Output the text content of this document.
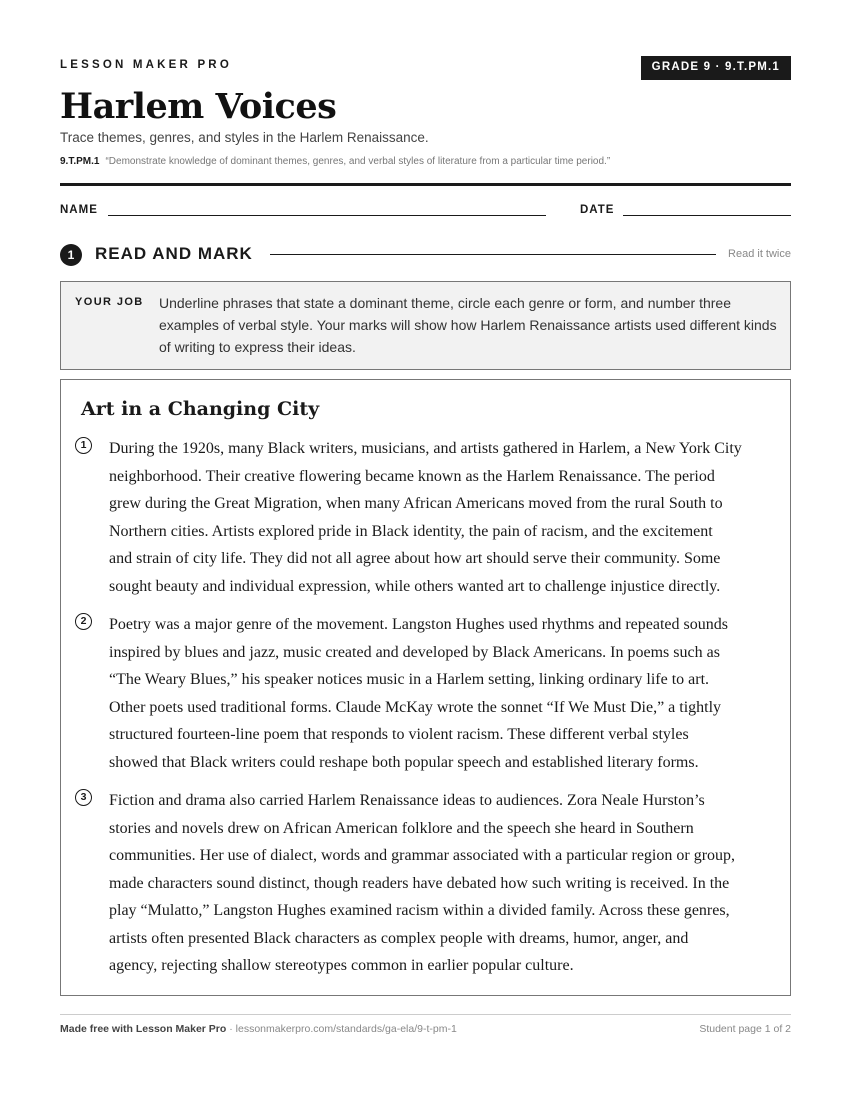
LESSON MAKER PRO	GRADE 9 · 9.T.PM.1
Harlem Voices
Trace themes, genres, and styles in the Harlem Renaissance.
9.T.PM.1 “Demonstrate knowledge of dominant themes, genres, and verbal styles of literature from a particular time period.”
NAME	DATE
1	READ AND MARK	Read it twice
YOUR JOB Underline phrases that state a dominant theme, circle each genre or form, and number three examples of verbal style. Your marks will show how Harlem Renaissance artists used different kinds of writing to express their ideas.
Art in a Changing City
1	During the 1920s, many Black writers, musicians, and artists gathered in Harlem, a New York City
neighborhood. Their creative flowering became known as the Harlem Renaissance. The period
grew during the Great Migration, when many African Americans moved from the rural South to
Northern cities. Artists explored pride in Black identity, the pain of racism, and the excitement
and strain of city life. They did not all agree about how art should serve their community. Some
sought beauty and individual expression, while others wanted art to challenge injustice directly.
2	Poetry was a major genre of the movement. Langston Hughes used rhythms and repeated sounds
inspired by blues and jazz, music created and developed by Black Americans. In poems such as
“The Weary Blues,” his speaker notices music in a Harlem setting, linking ordinary life to art.
Other poets used traditional forms. Claude McKay wrote the sonnet “If We Must Die,” a tightly
structured fourteen-line poem that responds to violent racism. These different verbal styles
showed that Black writers could reshape both popular speech and established literary forms.
3	Fiction and drama also carried Harlem Renaissance ideas to audiences. Zora Neale Hurston’s
stories and novels drew on African American folklore and the speech she heard in Southern
communities. Her use of dialect, words and grammar associated with a particular region or group,
made characters sound distinct, though readers have debated how such writing is received. In the
play “Mulatto,” Langston Hughes examined racism within a divided family. Across these genres,
artists often presented Black characters as complex people with dreams, humor, anger, and
agency, rejecting shallow stereotypes common in earlier popular culture.
Made free with Lesson Maker Pro · lessonmakerpro.com/standards/ga-ela/9-t-pm-1	Student page 1 of 2
